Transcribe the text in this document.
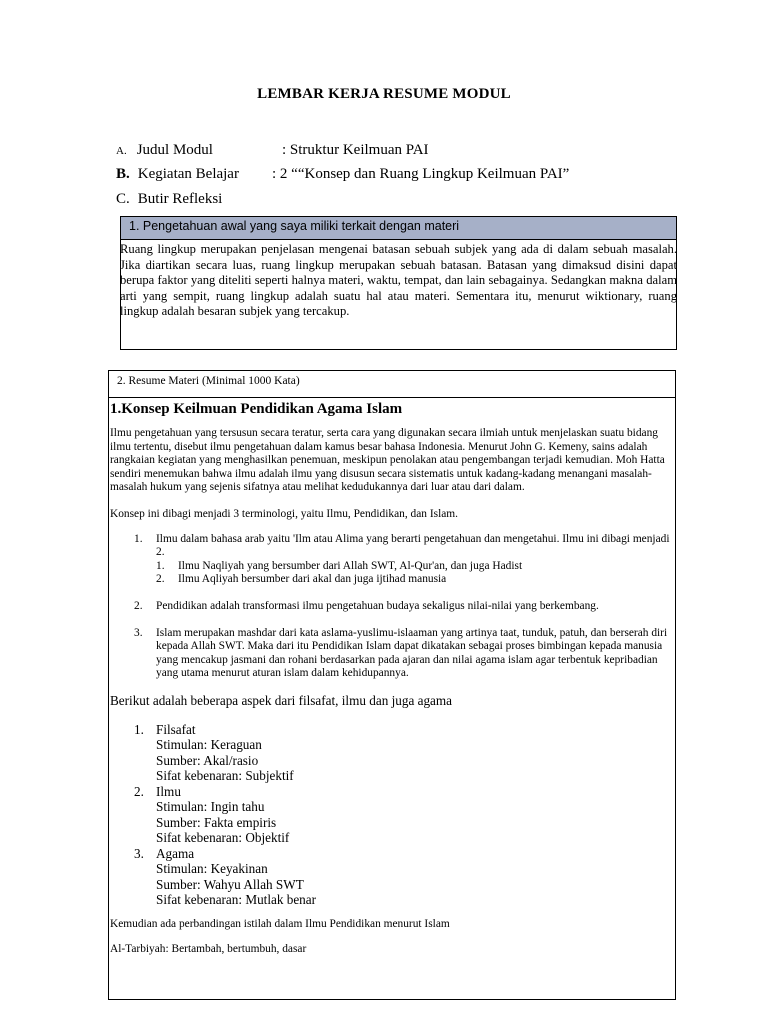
LEMBAR KERJA RESUME MODUL
A. Judul Modul	: Struktur Keilmuan PAI
B. Kegiatan Belajar : 2 ““Konsep dan Ruang Lingkup Keilmuan PAI”
C. Butir Refleksi
1. Pengetahuan awal yang saya miliki terkait dengan materi
Ruang lingkup merupakan penjelasan mengenai batasan sebuah subjek yang ada di dalam sebuah masalah. Jika diartikan secara luas, ruang lingkup merupakan sebuah batasan. Batasan yang dimaksud disini dapat berupa faktor yang diteliti seperti halnya materi, waktu, tempat, dan lain sebagainya. Sedangkan makna dalam arti yang sempit, ruang lingkup adalah suatu hal atau materi. Sementara itu, menurut wiktionary, ruang lingkup adalah besaran subjek yang tercakup.
2. Resume Materi (Minimal 1000 Kata)
1.Konsep Keilmuan Pendidikan Agama Islam

Ilmu pengetahuan yang tersusun secara teratur, serta cara yang digunakan secara ilmiah untuk menjelaskan suatu bidang ilmu tertentu, disebut ilmu pengetahuan dalam kamus besar bahasa Indonesia. Menurut John G. Kemeny, sains adalah rangkaian kegiatan yang menghasilkan penemuan, meskipun penolakan atau pengembangan terjadi kemudian. Moh Hatta sendiri menemukan bahwa ilmu adalah ilmu yang disusun secara sistematis untuk kadang-kadang menangani masalah-masalah hukum yang sejenis sifatnya atau melihat kedudukannya dari luar atau dari dalam.

Konsep ini dibagi menjadi 3 terminologi, yaitu Ilmu, Pendidikan, dan Islam.

1. Ilmu dalam bahasa arab yaitu 'Ilm atau Alima yang berarti pengetahuan dan mengetahui. Ilmu ini dibagi menjadi 2.
1. Ilmu Naqliyah yang bersumber dari Allah SWT, Al-Qur'an, dan juga Hadist
2. Ilmu Aqliyah bersumber dari akal dan juga ijtihad manusia
2. Pendidikan adalah transformasi ilmu pengetahuan budaya sekaligus nilai-nilai yang berkembang.
3. Islam merupakan mashdar dari kata aslama-yuslimu-islaaman yang artinya taat, tunduk, patuh, dan berserah diri kepada Allah SWT. Maka dari itu Pendidikan Islam dapat dikatakan sebagai proses bimbingan kepada manusia yang mencakup jasmani dan rohani berdasarkan pada ajaran dan nilai agama islam agar terbentuk kepribadian yang utama menurut aturan islam dalam kehidupannya.
Berikut adalah beberapa aspek dari filsafat, ilmu dan juga agama
1. Filsafat
Stimulan: Keraguan
Sumber: Akal/rasio
Sifat kebenaran: Subjektif
2. Ilmu
Stimulan: Ingin tahu
Sumber: Fakta empiris
Sifat kebenaran: Objektif
3. Agama
Stimulan: Keyakinan
Sumber: Wahyu Allah SWT
Sifat kebenaran: Mutlak benar
Kemudian ada perbandingan istilah dalam Ilmu Pendidikan menurut Islam
Al-Tarbiyah: Bertambah, bertumbuh, dasar
